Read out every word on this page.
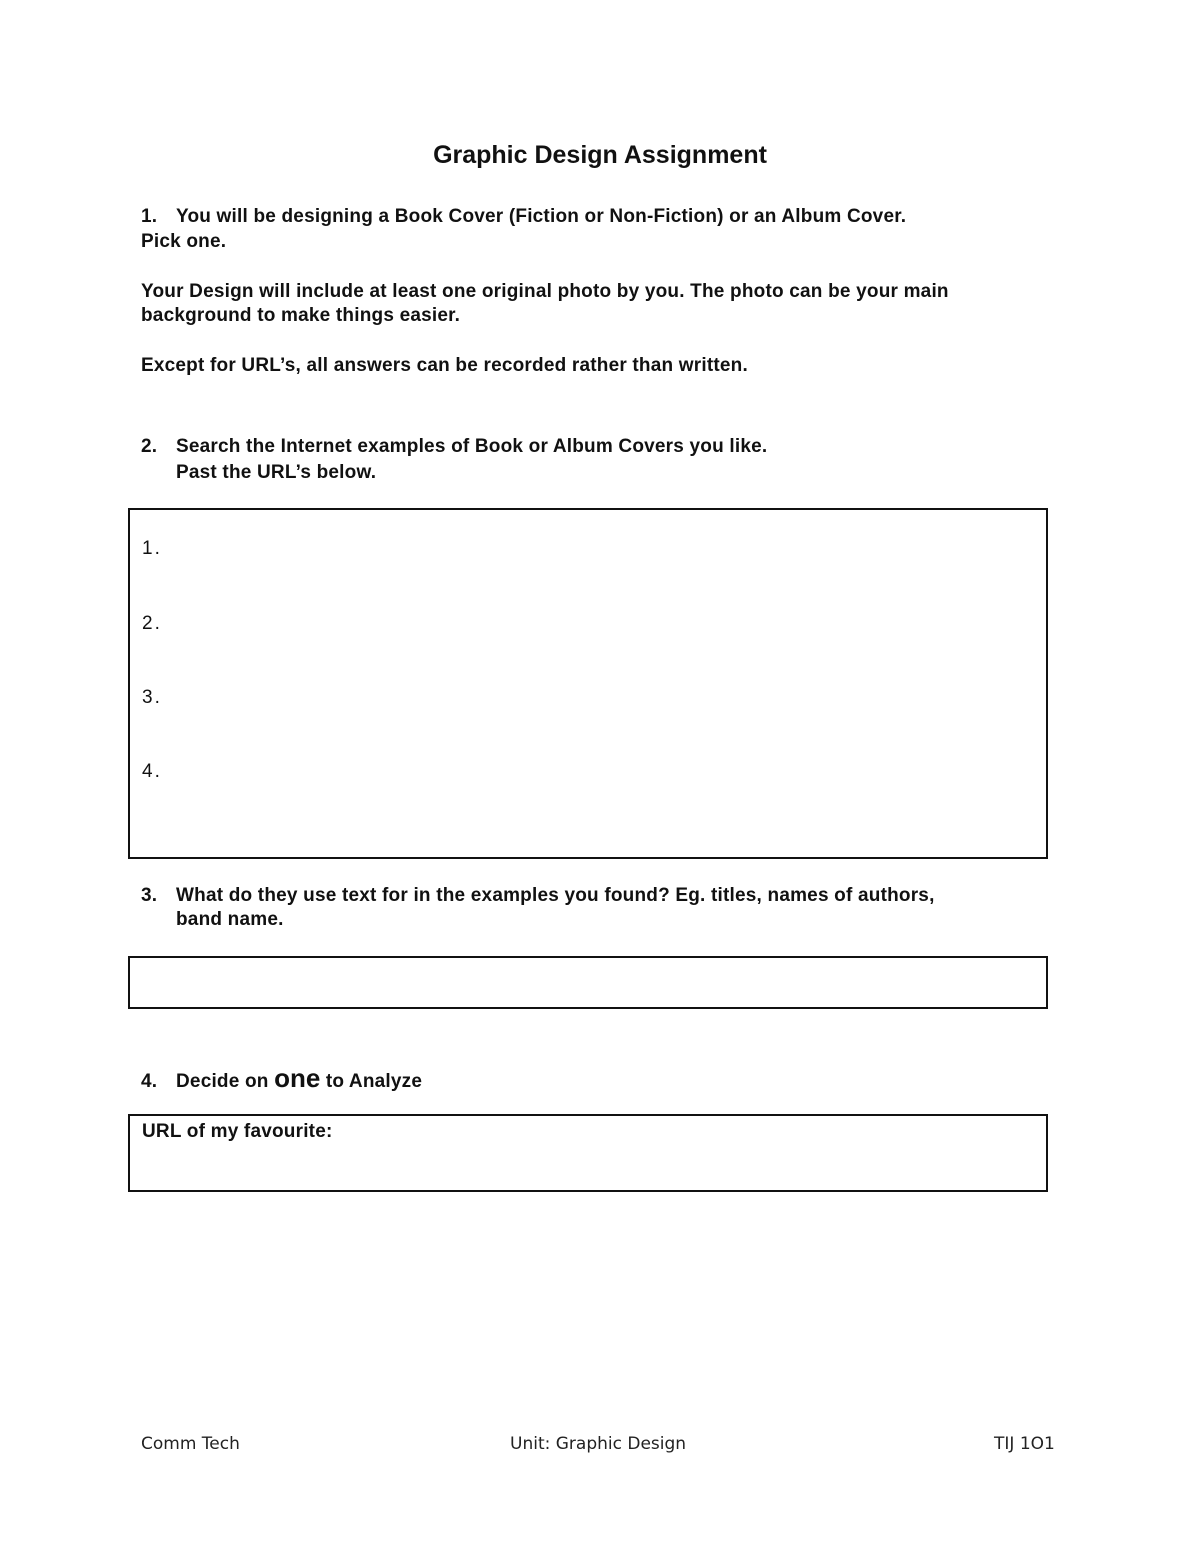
Graphic Design Assignment
1. You will be designing a Book Cover (Fiction or Non-Fiction) or an Album Cover.
Pick one.
Your Design will include at least one original photo by you. The photo can be your main
background to make things easier.
Except for URL’s, all answers can be recorded rather than written.
2. Search the Internet examples of Book or Album Covers you like.
Past the URL’s below.
1.
2.
3.
4.
3. What do they use text for in the examples you found? Eg. titles, names of authors,
band name.
4. Decide on one to Analyze
URL of my favourite:
Comm Tech	Unit: Graphic Design	TIJ 1O1
